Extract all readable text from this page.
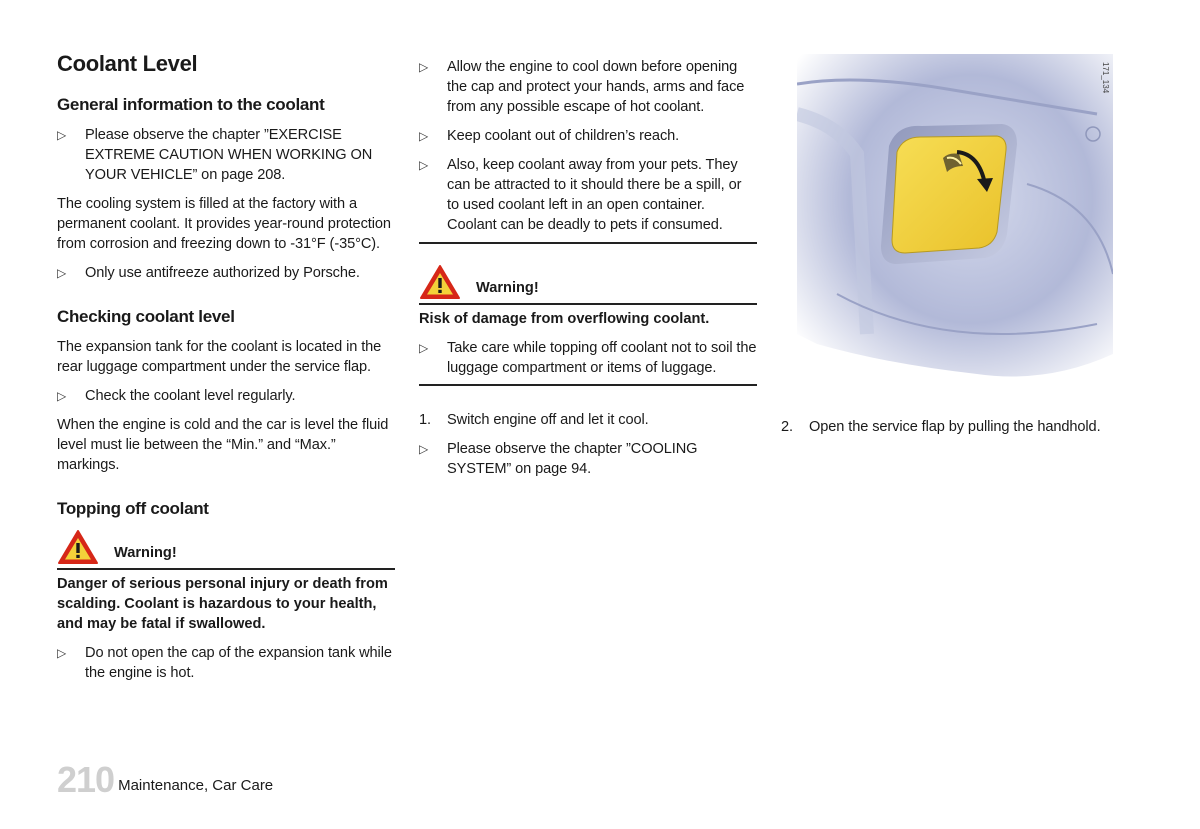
Coolant Level
General information to the coolant
▷	Please observe the chapter ”EXERCISE EXTREME CAUTION WHEN WORKING ON YOUR VEHICLE” on page 208.

The cooling system is filled at the factory with a permanent coolant. It provides year-round protection from corrosion and freezing down to -31°F (-35°C).

▷	Only use antifreeze authorized by Porsche.
Checking coolant level

The expansion tank for the coolant is located in the rear luggage compartment under the service flap.

▷	Check the coolant level regularly.

When the engine is cold and the car is level the fluid level must lie between the “Min.” and “Max.” markings.

Topping off coolant
Warning!
Danger of serious personal injury or death from scalding. Coolant is hazardous to your health, and may be fatal if swallowed.
▷	Do not open the cap of the expansion tank while the engine is hot.
▷	Allow the engine to cool down before opening the cap and protect your hands, arms and face from any possible escape of hot coolant.
▷	Keep coolant out of children’s reach.
▷	Also, keep coolant away from your pets. They can be attracted to it should there be a spill, or to used coolant left in an open container. Coolant can be deadly to pets if consumed.
Warning!
Risk of damage from overflowing coolant.
▷	Take care while topping off coolant not to soil the luggage compartment or items of luggage.
1.	Switch engine off and let it cool.
▷	Please observe the chapter ”COOLING SYSTEM” on page 94.
171_134
2.	Open the service flap by pulling the handhold.
210 Maintenance, Car Care
